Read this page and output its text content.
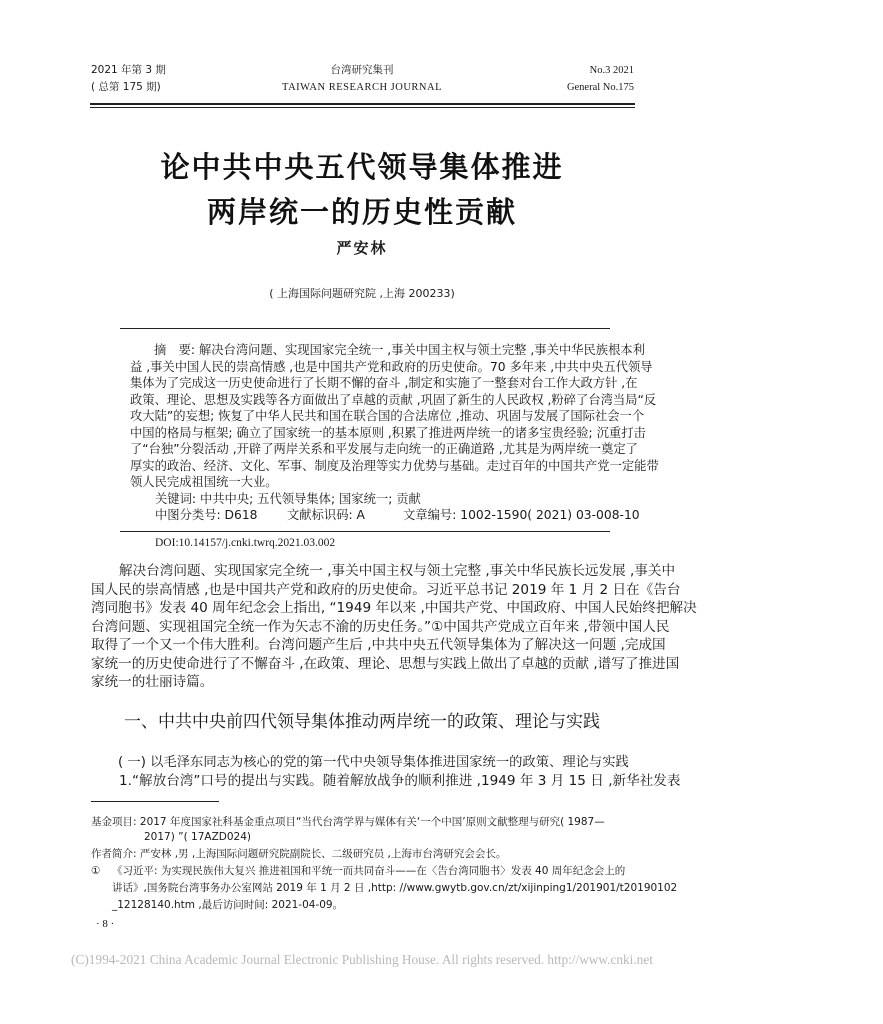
2021 年第 3 期
( 总第 175 期)
台湾研究集刊
TAIWAN RESEARCH JOURNAL
No.3 2021
General No.175
论中共中央五代领导集体推进
两岸统一的历史性贡献
严安林
( 上海国际问题研究院 ,上海 200233)
摘　要: 解决台湾问题、实现国家完全统一 ,事关中国主权与领土完整 ,事关中华民族根本利
益 ,事关中国人民的崇高情感 ,也是中国共产党和政府的历史使命。70 多年来 ,中共中央五代领导
集体为了完成这一历史使命进行了长期不懈的奋斗 ,制定和实施了一整套对台工作大政方针 ,在
政策、理论、思想及实践等各方面做出了卓越的贡献 ,巩固了新生的人民政权 ,粉碎了台湾当局“反
攻大陆”的妄想; 恢复了中华人民共和国在联合国的合法席位 ,推动、巩固与发展了国际社会一个
中国的格局与框架; 确立了国家统一的基本原则 ,积累了推进两岸统一的诸多宝贵经验; 沉重打击
了“台独”分裂活动 ,开辟了两岸关系和平发展与走向统一的正确道路 ,尤其是为两岸统一奠定了
厚实的政治、经济、文化、军事、制度及治理等实力优势与基础。走过百年的中国共产党一定能带
领人民完成祖国统一大业。
关键词: 中共中央; 五代领导集体; 国家统一; 贡献
中图分类号: D618	文献标识码: A	文章编号: 1002-1590( 2021) 03-008-10
DOI:10.14157/j.cnki.twrq.2021.03.002
解决台湾问题、实现国家完全统一 ,事关中国主权与领土完整 ,事关中华民族长远发展 ,事关中
国人民的崇高情感 ,也是中国共产党和政府的历史使命。习近平总书记 2019 年 1 月 2 日在《告台
湾同胞书》发表 40 周年纪念会上指出, “1949 年以来 ,中国共产党、中国政府、中国人民始终把解决
台湾问题、实现祖国完全统一作为矢志不渝的历史任务。”①中国共产党成立百年来 ,带领中国人民
取得了一个又一个伟大胜利。台湾问题产生后 ,中共中央五代领导集体为了解决这一问题 ,完成国
家统一的历史使命进行了不懈奋斗 ,在政策、理论、思想与实践上做出了卓越的贡献 ,谱写了推进国
家统一的壮丽诗篇。
一、中共中央前四代领导集体推动两岸统一的政策、理论与实践
( 一) 以毛泽东同志为核心的党的第一代中央领导集体推进国家统一的政策、理论与实践
1.“解放台湾”口号的提出与实践。随着解放战争的顺利推进 ,1949 年 3 月 15 日 ,新华社发表
基金项目: 2017 年度国家社科基金重点项目“当代台湾学界与媒体有关‘一个中国’原则文献整理与研究( 1987—
2017) ”( 17AZD024)
作者简介: 严安林 ,男 ,上海国际问题研究院副院长、二级研究员 ,上海市台湾研究会会长。
① 《习近平: 为实现民族伟大复兴 推进祖国和平统一而共同奋斗——在〈告台湾同胞书〉发表 40 周年纪念会上的
讲话》,国务院台湾事务办公室网站 2019 年 1 月 2 日 ,http: //www.gwytb.gov.cn/zt/xijinping1/201901/t20190102
_12128140.htm ,最后访问时间: 2021-04-09。
· 8 ·
(C)1994-2021 China Academic Journal Electronic Publishing House. All rights reserved. http://www.cnki.net
